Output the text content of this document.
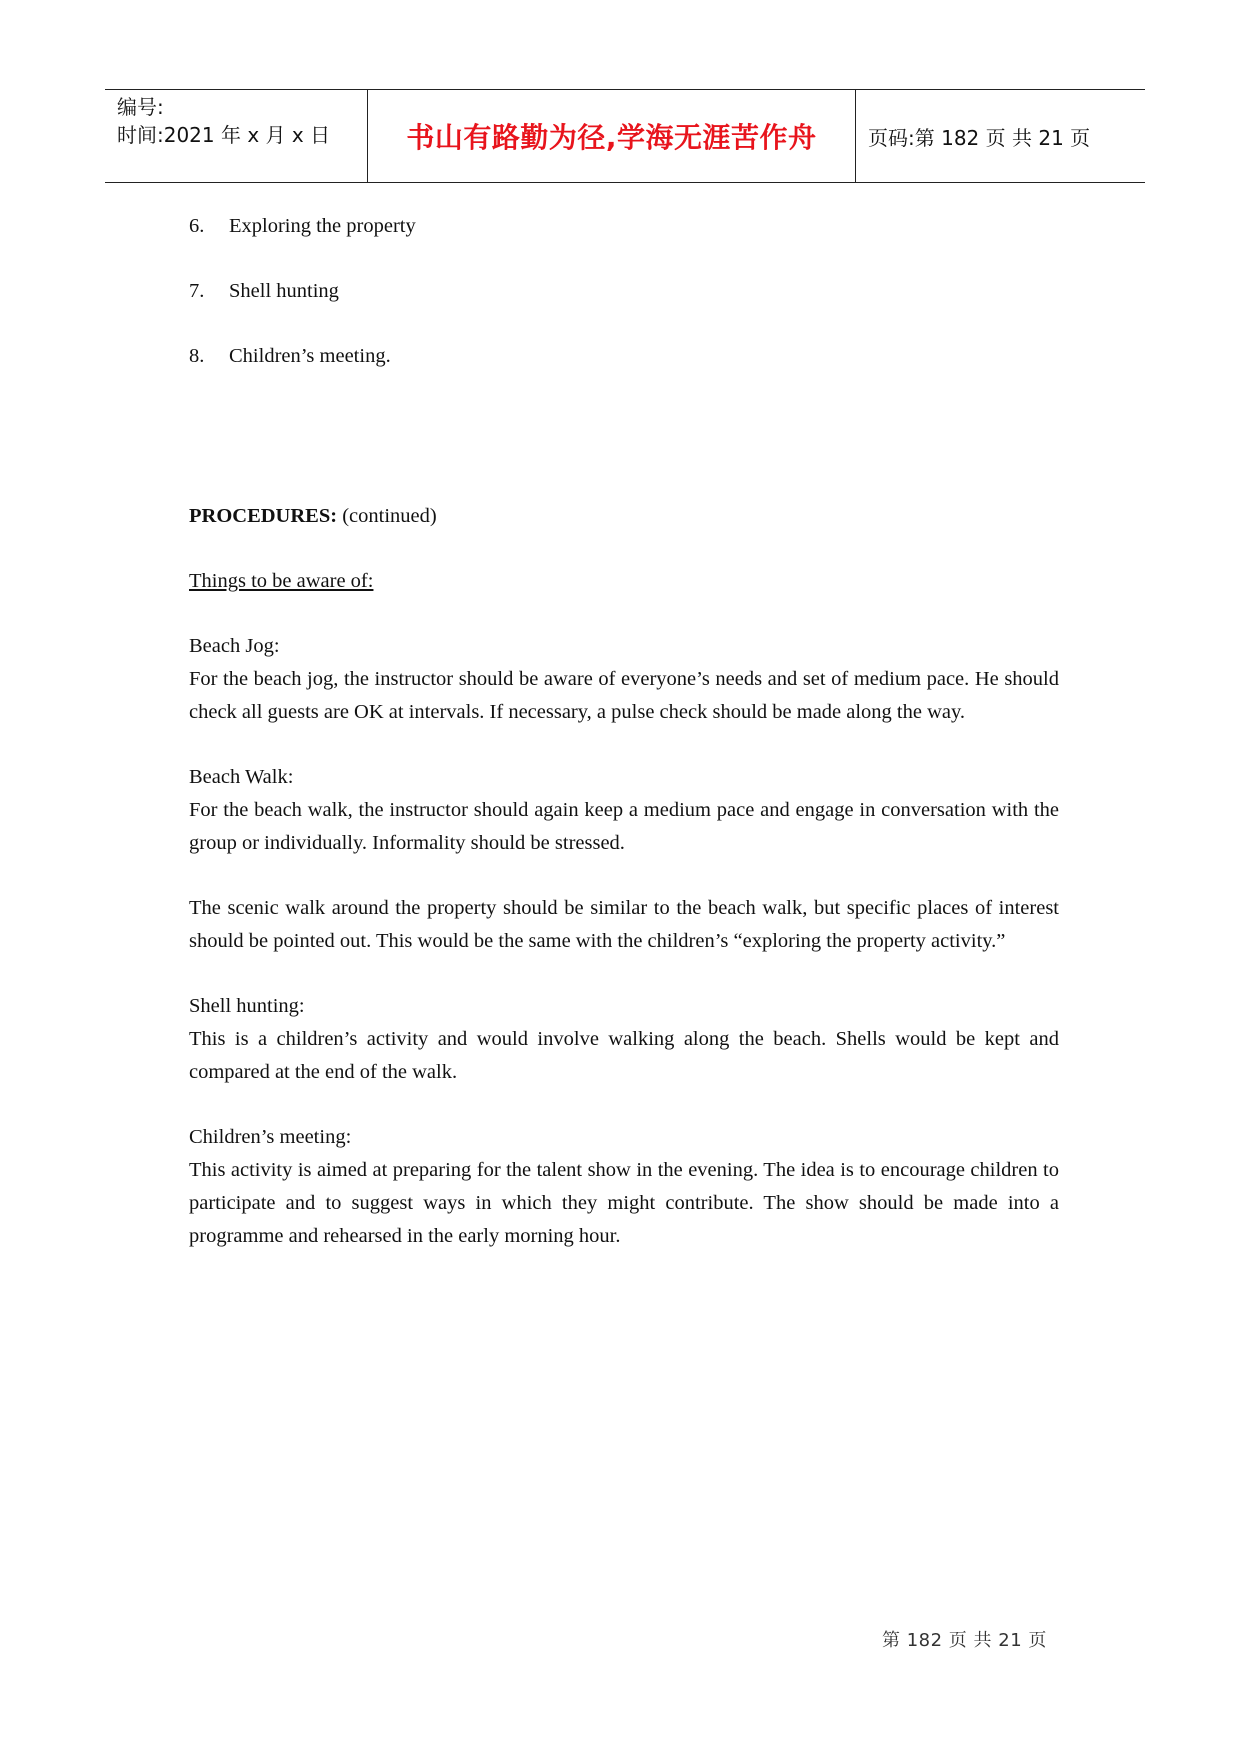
编号:
时间:2021 年 x 月 x 日	书山有路勤为径,学海无涯苦作舟	页码:第 182 页 共 21 页
6.	Exploring the property
7.	Shell hunting
8.	Children’s meeting.
PROCEDURES: (continued)
Things to be aware of:
Beach Jog:
For the beach jog, the instructor should be aware of everyone’s needs and set of medium pace. He should check all guests are OK at intervals. If necessary, a pulse check should be made along the way.
Beach Walk:
For the beach walk, the instructor should again keep a medium pace and engage in conversation with the group or individually. Informality should be stressed.
The scenic walk around the property should be similar to the beach walk, but specific places of interest should be pointed out. This would be the same with the children’s “exploring the property activity.”
Shell hunting:
This is a children’s activity and would involve walking along the beach. Shells would be kept and compared at the end of the walk.
Children’s meeting:
This activity is aimed at preparing for the talent show in the evening. The idea is to encourage children to participate and to suggest ways in which they might contribute. The show should be made into a programme and rehearsed in the early morning hour.
第 182 页 共 21 页
